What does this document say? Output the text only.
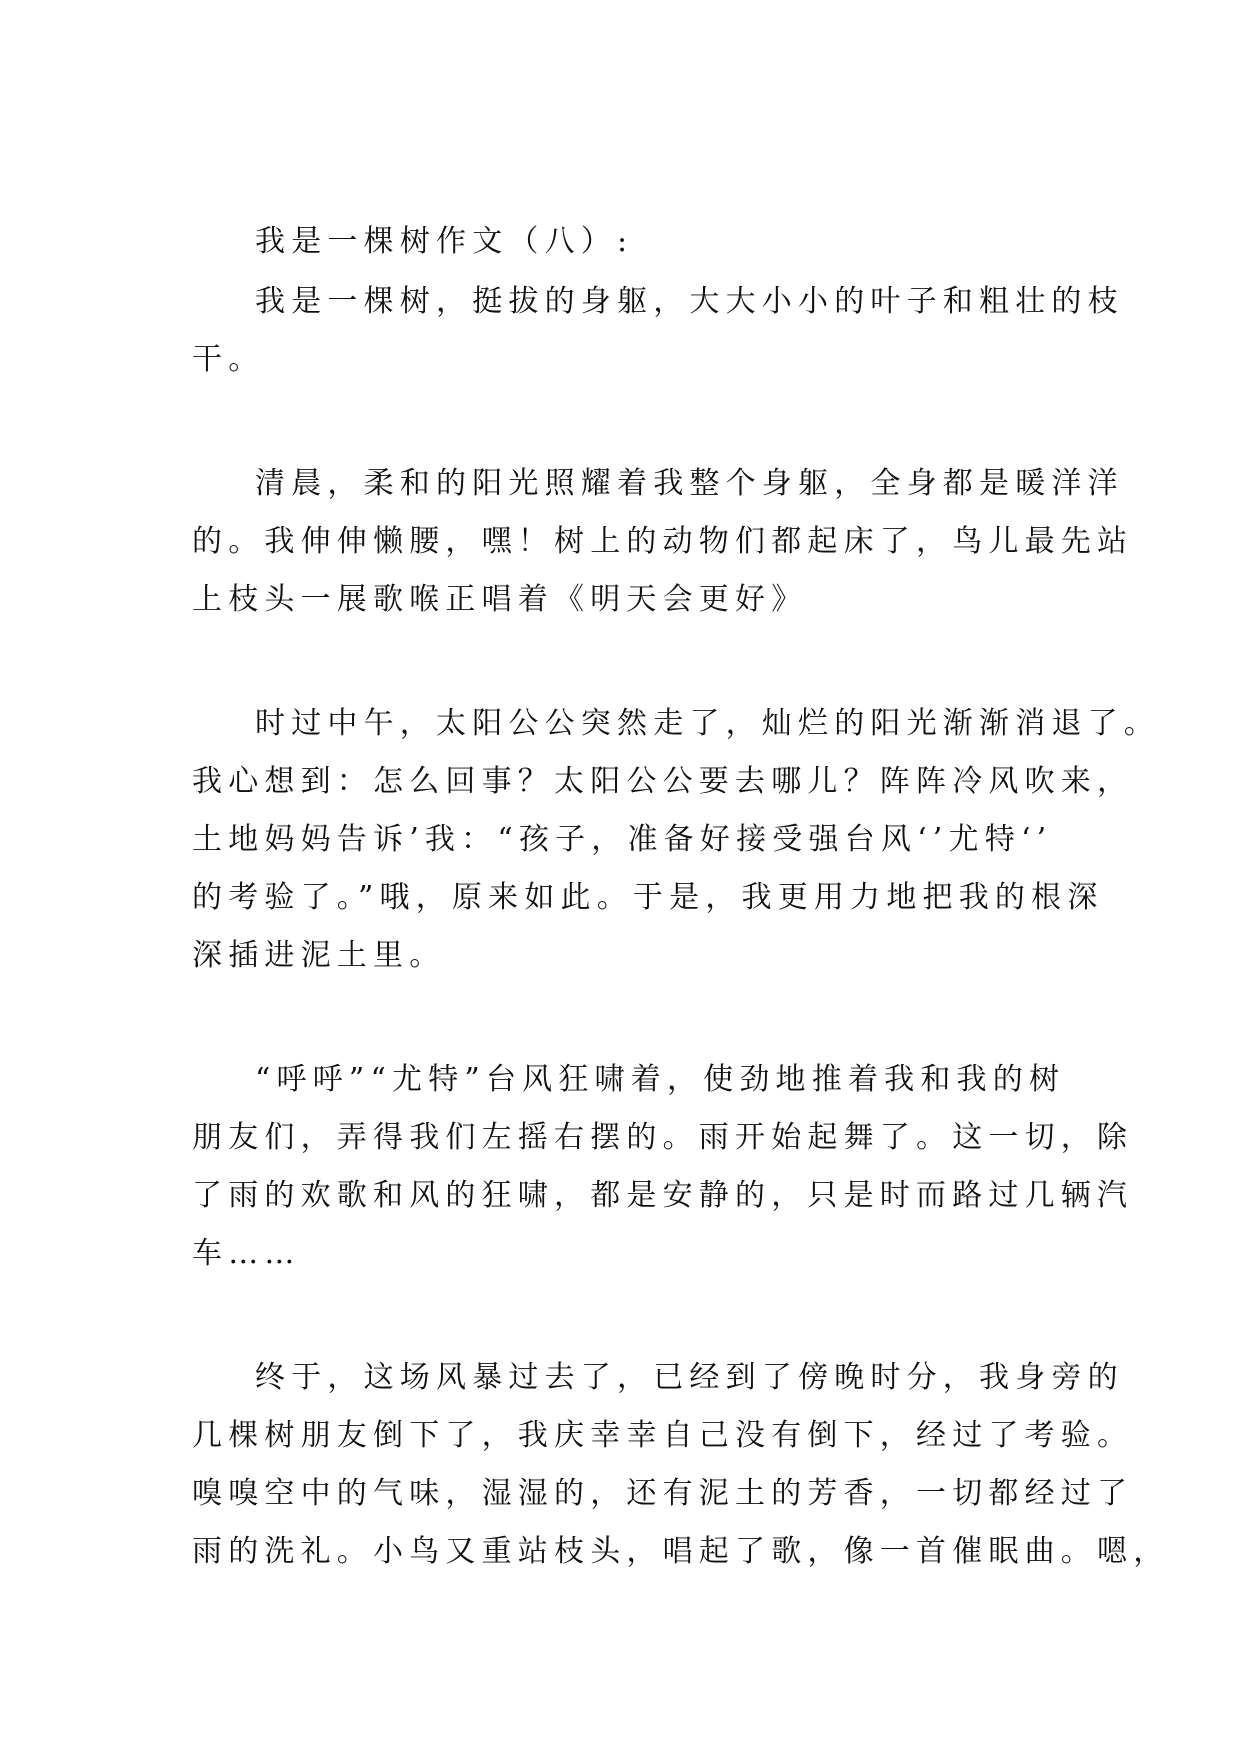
我是一棵树作文（八）:
我是一棵树，挺拔的身躯，大大小小的叶子和粗壮的枝
干。
清晨，柔和的阳光照耀着我整个身躯，全身都是暖洋洋
的。我伸伸懒腰，嘿！树上的动物们都起床了，鸟儿最先站
上枝头一展歌喉正唱着《明天会更好》
时过中午，太阳公公突然走了，灿烂的阳光渐渐消退了。
我心想到：怎么回事？太阳公公要去哪儿？阵阵冷风吹来，
土地妈妈告诉’我：“孩子，准备好接受强台风‘’尤特‘’
的考验了。”哦，原来如此。于是，我更用力地把我的根深
深插进泥土里。
“呼呼”“尤特”台风狂啸着，使劲地推着我和我的树
朋友们，弄得我们左摇右摆的。雨开始起舞了。这一切，除
了雨的欢歌和风的狂啸，都是安静的，只是时而路过几辆汽
车……
终于，这场风暴过去了，已经到了傍晚时分，我身旁的
几棵树朋友倒下了，我庆幸幸自己没有倒下，经过了考验。
嗅嗅空中的气味，湿湿的，还有泥土的芳香，一切都经过了
雨的洗礼。小鸟又重站枝头，唱起了歌，像一首催眠曲。嗯，
